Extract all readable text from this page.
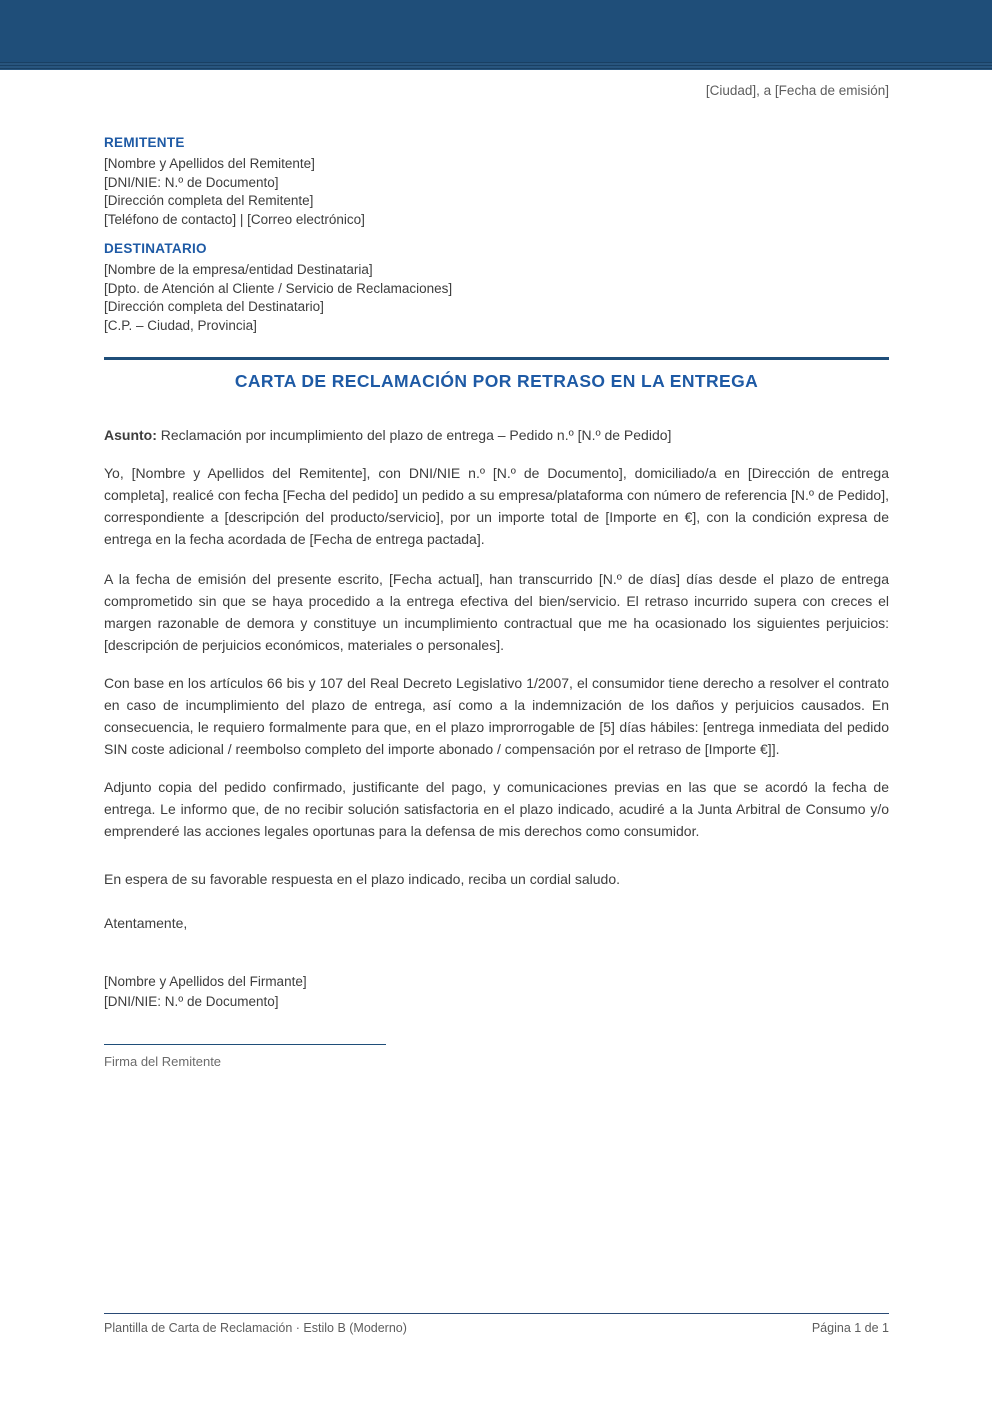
[Ciudad], a [Fecha de emisión]
REMITENTE
[Nombre y Apellidos del Remitente]
[DNI/NIE: N.º de Documento]
[Dirección completa del Remitente]
[Teléfono de contacto] | [Correo electrónico]
DESTINATARIO
[Nombre de la empresa/entidad Destinataria]
[Dpto. de Atención al Cliente / Servicio de Reclamaciones]
[Dirección completa del Destinatario]
[C.P. – Ciudad, Provincia]
CARTA DE RECLAMACIÓN POR RETRASO EN LA ENTREGA
Asunto: Reclamación por incumplimiento del plazo de entrega – Pedido n.º [N.º de Pedido]

Yo, [Nombre y Apellidos del Remitente], con DNI/NIE n.º [N.º de Documento], domiciliado/a en [Dirección de entrega completa], realicé con fecha [Fecha del pedido] un pedido a su empresa/plataforma con número de referencia [N.º de Pedido], correspondiente a [descripción del producto/servicio], por un importe total de [Importe en €], con la condición expresa de entrega en la fecha acordada de [Fecha de entrega pactada].

A la fecha de emisión del presente escrito, [Fecha actual], han transcurrido [N.º de días] días desde el plazo de entrega comprometido sin que se haya procedido a la entrega efectiva del bien/servicio. El retraso incurrido supera con creces el margen razonable de demora y constituye un incumplimiento contractual que me ha ocasionado los siguientes perjuicios: [descripción de perjuicios económicos, materiales o personales].

Con base en los artículos 66 bis y 107 del Real Decreto Legislativo 1/2007, el consumidor tiene derecho a resolver el contrato en caso de incumplimiento del plazo de entrega, así como a la indemnización de los daños y perjuicios causados. En consecuencia, le requiero formalmente para que, en el plazo improrrogable de [5] días hábiles: [entrega inmediata del pedido SIN coste adicional / reembolso completo del importe abonado / compensación por el retraso de [Importe €]].

Adjunto copia del pedido confirmado, justificante del pago, y comunicaciones previas en las que se acordó la fecha de entrega. Le informo que, de no recibir solución satisfactoria en el plazo indicado, acudiré a la Junta Arbitral de Consumo y/o emprenderé las acciones legales oportunas para la defensa de mis derechos como consumidor.

En espera de su favorable respuesta en el plazo indicado, reciba un cordial saludo.
Atentamente,
[Nombre y Apellidos del Firmante]
[DNI/NIE: N.º de Documento]
Firma del Remitente
Plantilla de Carta de Reclamación · Estilo B (Moderno)	Página 1 de 1
